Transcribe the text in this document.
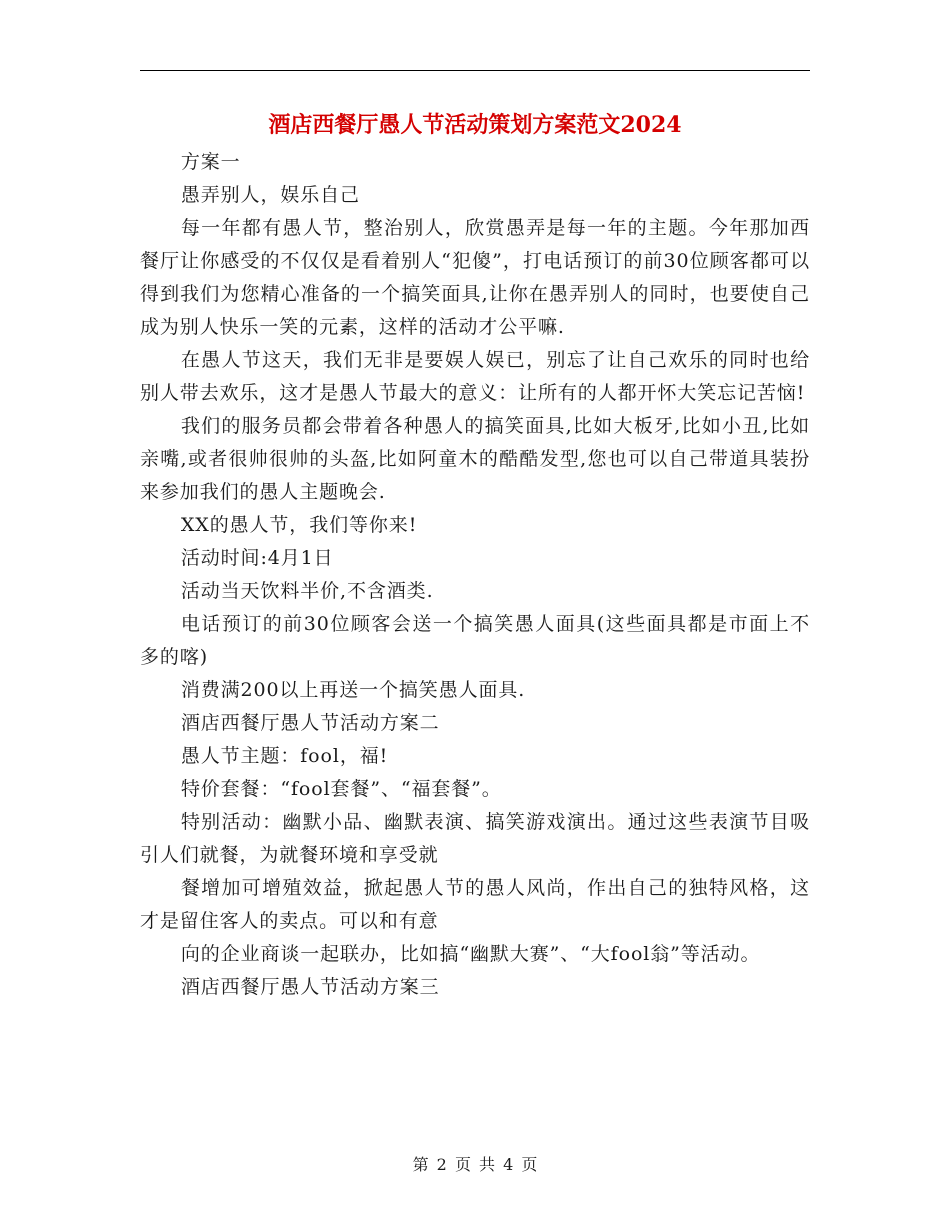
酒店西餐厅愚人节活动策划方案范文2024

方案一

愚弄别人，娱乐自己

每一年都有愚人节，整治别人，欣赏愚弄是每一年的主题。今年那加西餐厅让你感受的不仅仅是看着别人“犯傻”，打电话预订的前30位顾客都可以得到我们为您精心准备的一个搞笑面具,让你在愚弄别人的同时，也要使自己成为别人快乐一笑的元素，这样的活动才公平嘛.

在愚人节这天，我们无非是要娱人娱已，别忘了让自己欢乐的同时也给别人带去欢乐，这才是愚人节最大的意义：让所有的人都开怀大笑忘记苦恼!

我们的服务员都会带着各种愚人的搞笑面具,比如大板牙,比如小丑,比如亲嘴,或者很帅很帅的头盔,比如阿童木的酷酷发型,您也可以自己带道具装扮来参加我们的愚人主题晚会.

XX的愚人节，我们等你来!

活动时间:4月1日

活动当天饮料半价,不含酒类.

电话预订的前30位顾客会送一个搞笑愚人面具(这些面具都是市面上不多的喀)

消费满200以上再送一个搞笑愚人面具.

酒店西餐厅愚人节活动方案二

愚人节主题：fool，福!

特价套餐：“fool套餐”、“福套餐”。

特别活动：幽默小品、幽默表演、搞笑游戏演出。通过这些表演节目吸引人们就餐，为就餐环境和享受就

餐增加可增殖效益，掀起愚人节的愚人风尚，作出自己的独特风格，这才是留住客人的卖点。可以和有意

向的企业商谈一起联办，比如搞“幽默大赛”、“大fool翁”等活动。

酒店西餐厅愚人节活动方案三

第 2 页 共 4 页
